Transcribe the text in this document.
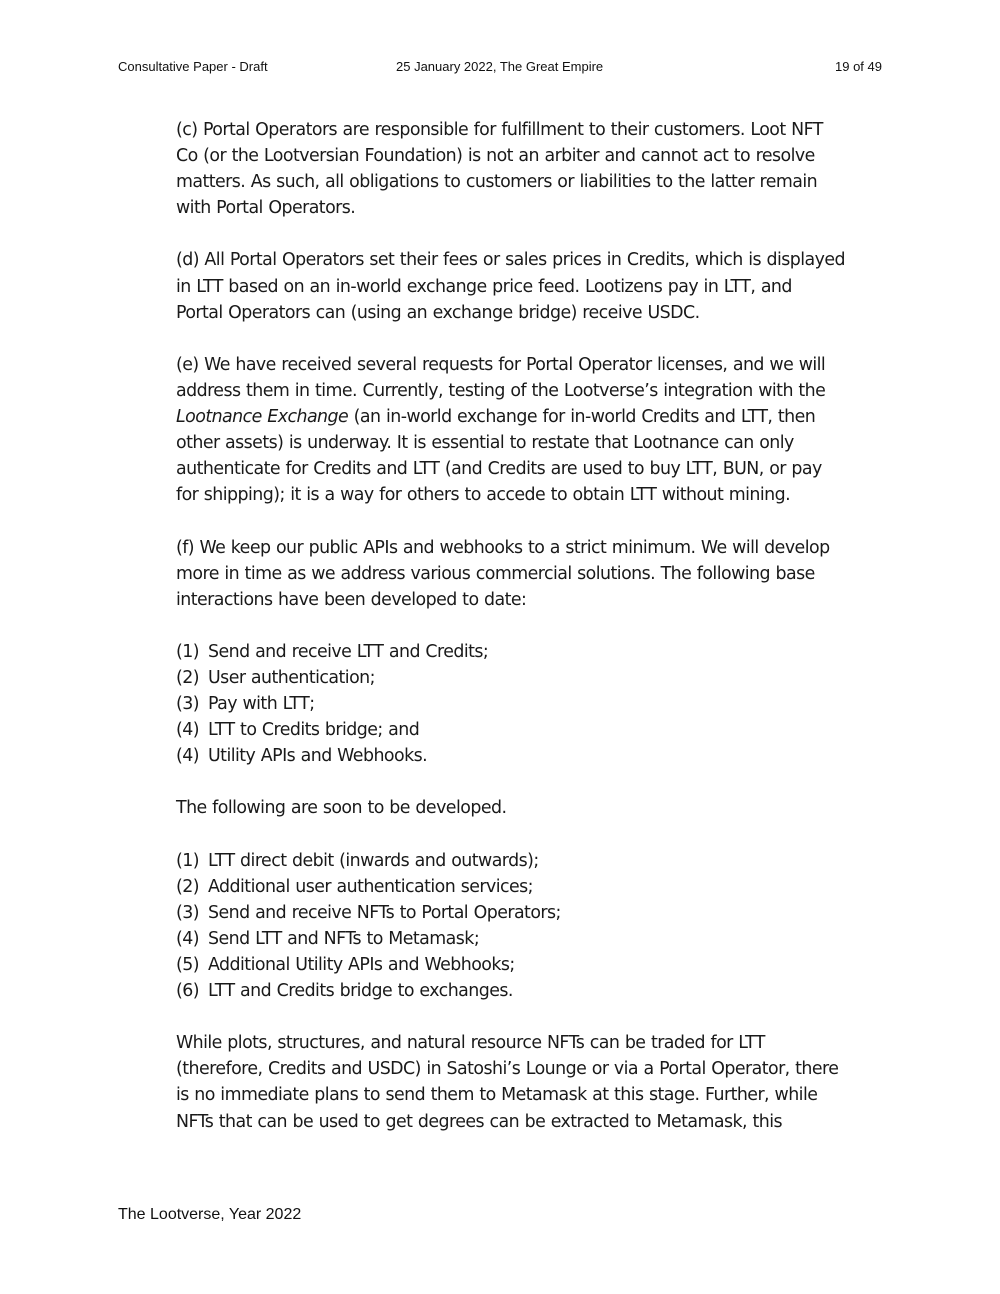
Consultative Paper - Draft	25 January 2022, The Great Empire	19 of 49

(c) Portal Operators are responsible for fulfillment to their customers. Loot NFT
Co (or the Lootversian Foundation) is not an arbiter and cannot act to resolve
matters. As such, all obligations to customers or liabilities to the latter remain
with Portal Operators.

(d) All Portal Operators set their fees or sales prices in Credits, which is displayed
in LTT based on an in-world exchange price feed. Lootizens pay in LTT, and
Portal Operators can (using an exchange bridge) receive USDC.

(e) We have received several requests for Portal Operator licenses, and we will
address them in time. Currently, testing of the Lootverse’s integration with the
Lootnance Exchange (an in-world exchange for in-world Credits and LTT, then
other assets) is underway. It is essential to restate that Lootnance can only
authenticate for Credits and LTT (and Credits are used to buy LTT, BUN, or pay
for shipping); it is a way for others to accede to obtain LTT without mining.

(f) We keep our public APIs and webhooks to a strict minimum. We will develop
more in time as we address various commercial solutions. The following base
interactions have been developed to date:

(1) Send and receive LTT and Credits;
(2) User authentication;
(3) Pay with LTT;
(4) LTT to Credits bridge; and
(4) Utility APIs and Webhooks.

The following are soon to be developed.

(1) LTT direct debit (inwards and outwards);
(2) Additional user authentication services;
(3) Send and receive NFTs to Portal Operators;
(4) Send LTT and NFTs to Metamask;
(5) Additional Utility APIs and Webhooks;
(6) LTT and Credits bridge to exchanges.

While plots, structures, and natural resource NFTs can be traded for LTT
(therefore, Credits and USDC) in Satoshi’s Lounge or via a Portal Operator, there
is no immediate plans to send them to Metamask at this stage. Further, while
NFTs that can be used to get degrees can be extracted to Metamask, this

The Lootverse, Year 2022
